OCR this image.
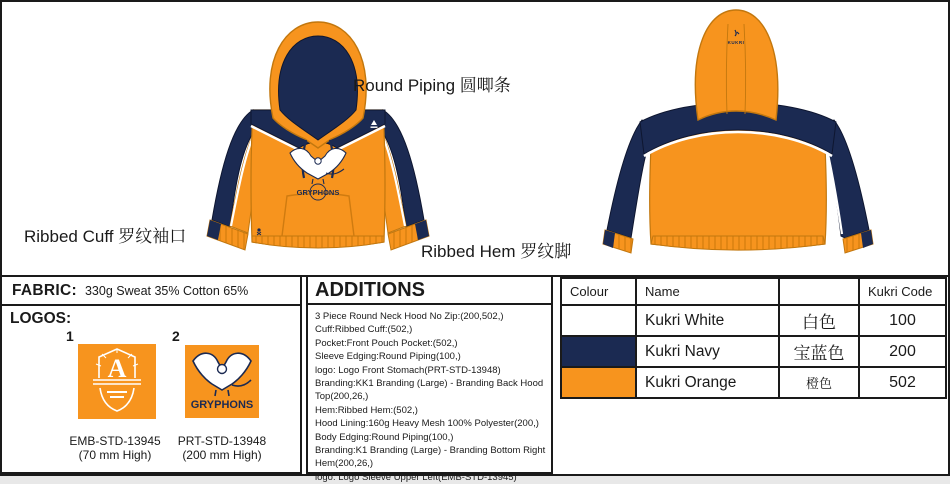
GRYPHONS
KUKRI
Round Piping 圆唧条
Ribbed Cuff 罗纹袖口
Ribbed Hem 罗纹脚
FABRIC: 330g Sweat 35% Cotton 65%
LOGOS:
1	2
A
GRYPHONS
EMB-STD-13945
(70 mm High)
PRT-STD-13948
(200 mm High)
ADDITIONS
3 Piece Round Neck Hood No Zip:(200,502,)
Cuff:Ribbed Cuff:(502,)
Pocket:Front Pouch Pocket:(502,)
Sleeve Edging:Round Piping(100,)
logo: Logo Front Stomach(PRT-STD-13948)
Branding:KK1 Branding (Large) - Branding Back Hood Top(200,26,)
Hem:Ribbed Hem:(502,)
Hood Lining:160g Heavy Mesh 100% Polyester(200,)
Body Edging:Round Piping(100,)
Branding:K1 Branding (Large) - Branding Bottom Right Hem(200,26,)
logo: Logo Sleeve Upper Left(EMB-STD-13945)
Colour	Name		Kukri Code
	Kukri White	白色	100
	Kukri Navy	宝蓝色	200
	Kukri Orange	橙色	502
